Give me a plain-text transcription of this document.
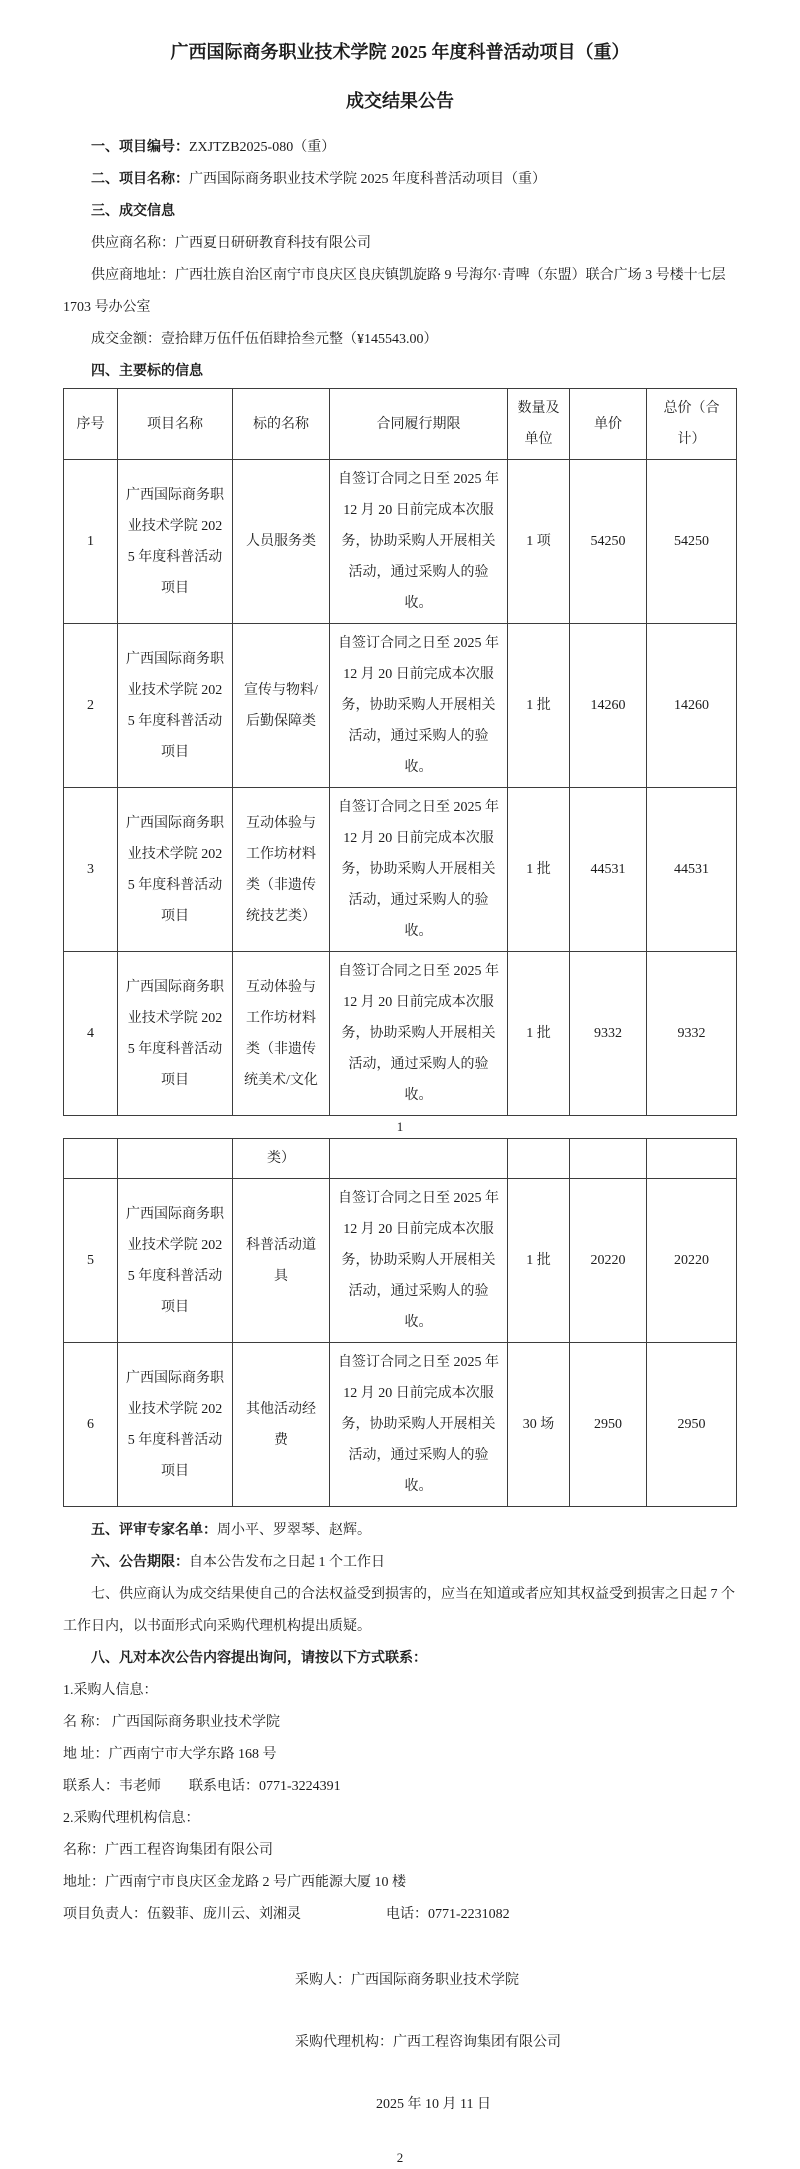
广西国际商务职业技术学院 2025 年度科普活动项目（重）
成交结果公告

一、项目编号：ZXJTZB2025-080（重）

二、项目名称：广西国际商务职业技术学院 2025 年度科普活动项目（重）

三、成交信息

供应商名称：广西夏日研研教育科技有限公司

供应商地址：广西壮族自治区南宁市良庆区良庆镇凯旋路 9 号海尔·青啤（东盟）联合广场 3 号楼十七层 1703 号办公室

成交金额：壹拾肆万伍仟伍佰肆拾叁元整（¥145543.00）

四、主要标的信息

序号	项目名称	标的名称	合同履行期限	数量及单位	单价	总价（合计）
1	广西国际商务职业技术学院 2025 年度科普活动项目	人员服务类	自签订合同之日至 2025 年 12 月 20 日前完成本次服务，协助采购人开展相关活动，通过采购人的验收。	1 项	54250	54250
2	广西国际商务职业技术学院 2025 年度科普活动项目	宣传与物料/后勤保障类	自签订合同之日至 2025 年 12 月 20 日前完成本次服务，协助采购人开展相关活动，通过采购人的验收。	1 批	14260	14260
3	广西国际商务职业技术学院 2025 年度科普活动项目	互动体验与工作坊材料类（非遗传统技艺类）	自签订合同之日至 2025 年 12 月 20 日前完成本次服务，协助采购人开展相关活动，通过采购人的验收。	1 批	44531	44531
4	广西国际商务职业技术学院 2025 年度科普活动项目	互动体验与工作坊材料类（非遗传统美术/文化	自签订合同之日至 2025 年 12 月 20 日前完成本次服务，协助采购人开展相关活动，通过采购人的验收。	1 批	9332	9332

1

		类）				
5	广西国际商务职业技术学院 2025 年度科普活动项目	科普活动道具	自签订合同之日至 2025 年 12 月 20 日前完成本次服务，协助采购人开展相关活动，通过采购人的验收。	1 批	20220	20220
6	广西国际商务职业技术学院 2025 年度科普活动项目	其他活动经费	自签订合同之日至 2025 年 12 月 20 日前完成本次服务，协助采购人开展相关活动，通过采购人的验收。	30 场	2950	2950

五、评审专家名单：周小平、罗翠琴、赵辉。

六、公告期限：自本公告发布之日起 1 个工作日

七、供应商认为成交结果使自己的合法权益受到损害的，应当在知道或者应知其权益受到损害之日起 7 个工作日内，以书面形式向采购代理机构提出质疑。

八、凡对本次公告内容提出询问，请按以下方式联系：

1.采购人信息：

名 称： 广西国际商务职业技术学院

地 址：广西南宁市大学东路 168 号

联系人：韦老师 联系电话：0771-3224391

2.采购代理机构信息：

名称：广西工程咨询集团有限公司

地址：广西南宁市良庆区金龙路 2 号广西能源大厦 10 楼

项目负责人：伍毅菲、庞川云、刘湘灵	电话：0771-2231082

采购人：广西国际商务职业技术学院

采购代理机构：广西工程咨询集团有限公司

2025 年 10 月 11 日

2
